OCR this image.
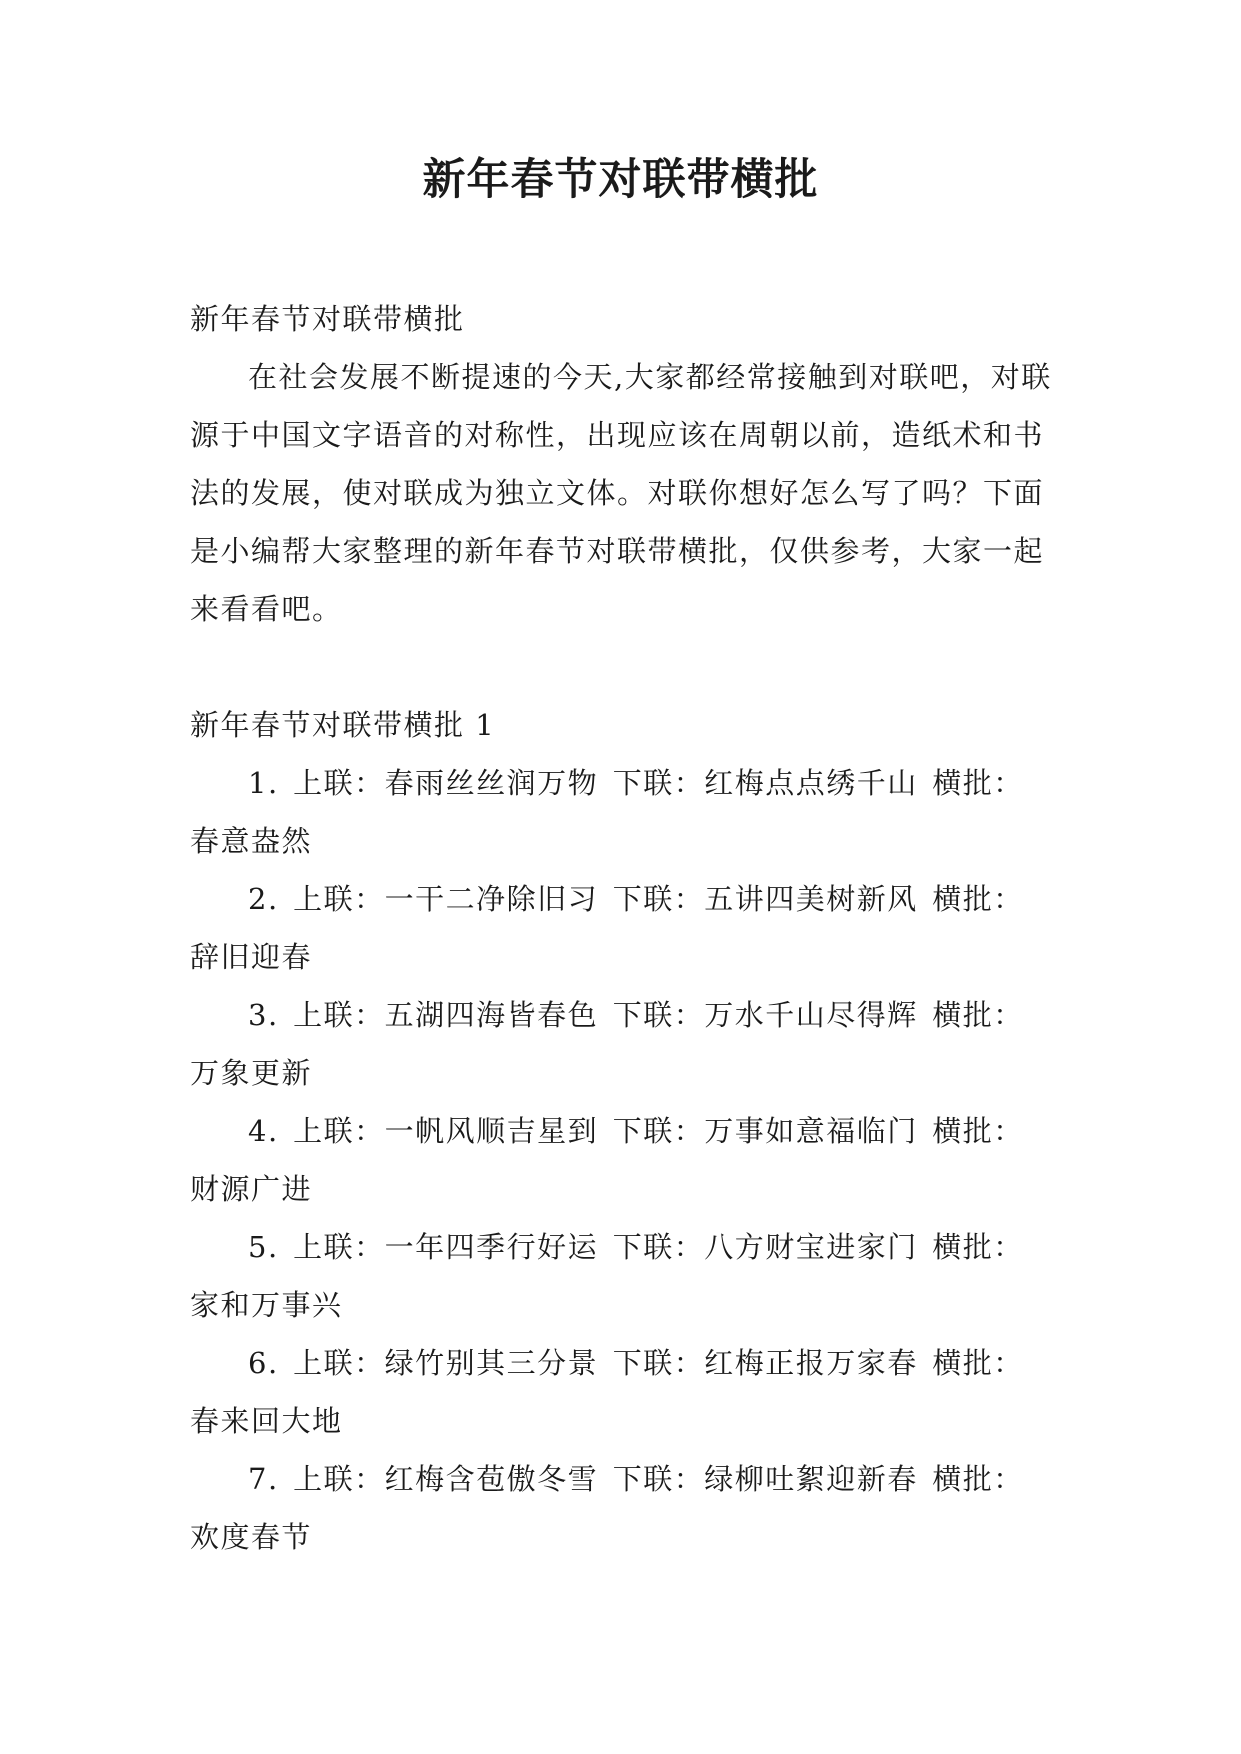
新年春节对联带横批

新年春节对联带横批

在社会发展不断提速的今天,大家都经常接触到对联吧，对联源于中国文字语音的对称性，出现应该在周朝以前，造纸术和书法的发展，使对联成为独立文体。对联你想好怎么写了吗？下面是小编帮大家整理的新年春节对联带横批，仅供参考，大家一起来看看吧。

新年春节对联带横批 1

1. 上联：春雨丝丝润万物 下联：红梅点点绣千山 横批：春意盎然

2. 上联：一干二净除旧习 下联：五讲四美树新风 横批：辞旧迎春

3. 上联：五湖四海皆春色 下联：万水千山尽得辉 横批：万象更新

4. 上联：一帆风顺吉星到 下联：万事如意福临门 横批：财源广进

5. 上联：一年四季行好运 下联：八方财宝进家门 横批：家和万事兴

6. 上联：绿竹别其三分景 下联：红梅正报万家春 横批：春来回大地

7. 上联：红梅含苞傲冬雪 下联：绿柳吐絮迎新春 横批：欢度春节
